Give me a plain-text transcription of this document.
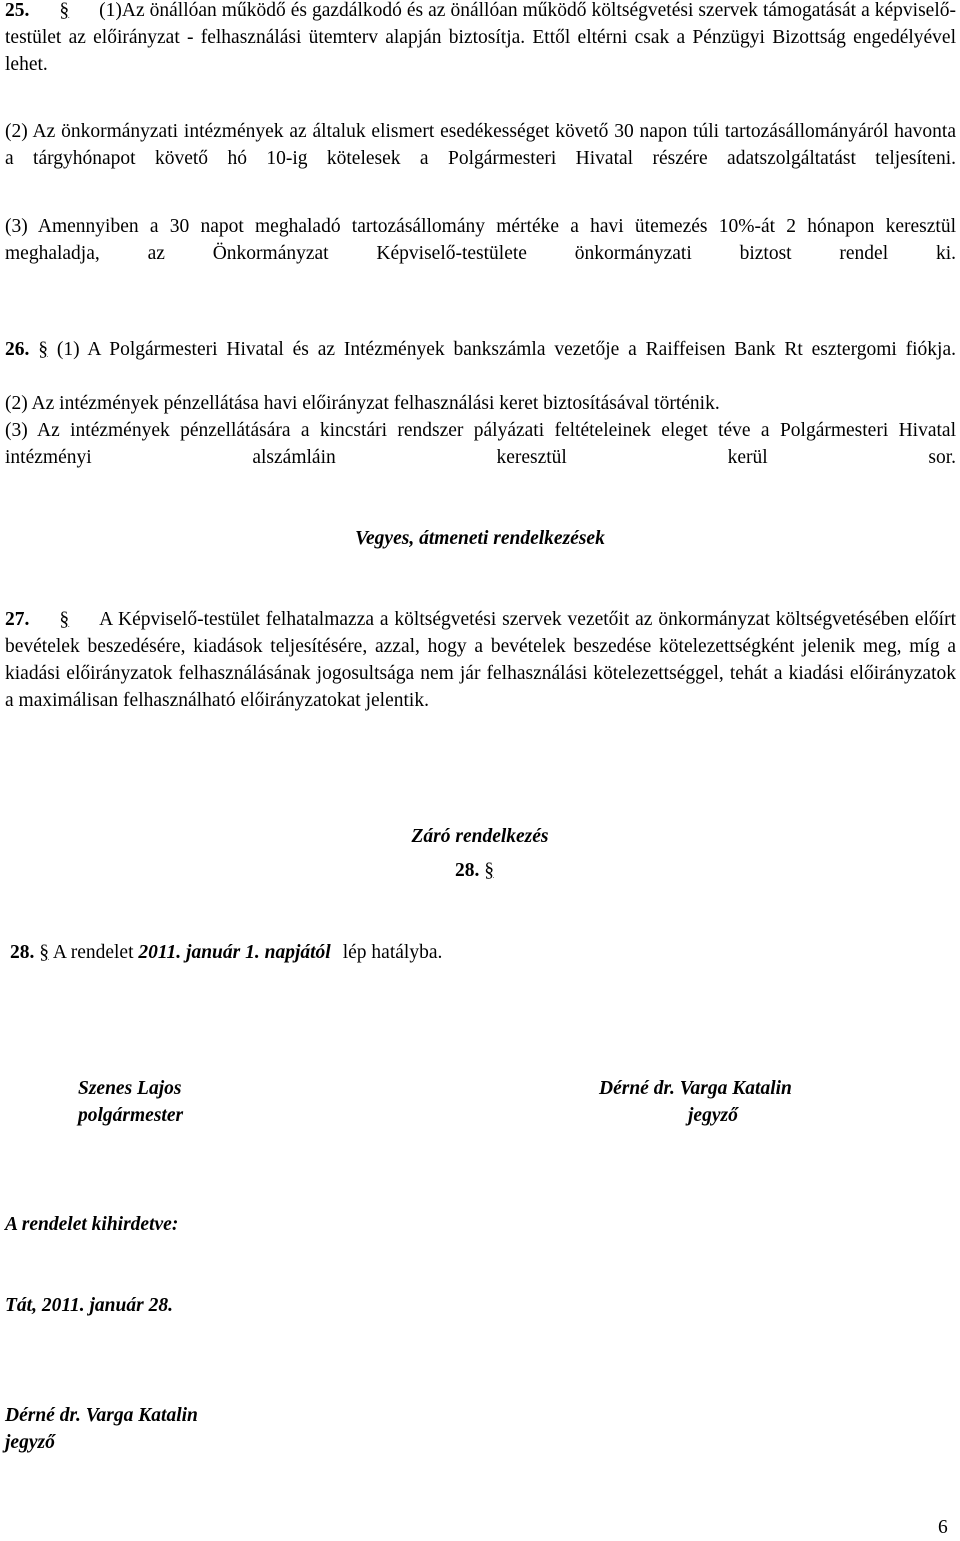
25. § (1)Az önállóan működő és gazdálkodó és az önállóan működő költségvetési szervek támogatását a képviselő-testület az előirányzat - felhasználási ütemterv alapján biztosítja. Ettől eltérni csak a Pénzügyi Bizottság engedélyével lehet.

(2) Az önkormányzati intézmények az általuk elismert esedékességet követő 30 napon túli tartozásállományáról havonta a tárgyhónapot követő hó 10-ig kötelesek a Polgármesteri Hivatal részére adatszolgáltatást teljesíteni.

(3) Amennyiben a 30 napot meghaladó tartozásállomány mértéke a havi ütemezés 10%-át 2 hónapon keresztül meghaladja, az Önkormányzat Képviselő-testülete önkormányzati biztost rendel ki.

26. § (1) A Polgármesteri Hivatal és az Intézmények bankszámla vezetője a Raiffeisen Bank Rt esztergomi fiókja.

(2) Az intézmények pénzellátása havi előirányzat felhasználási keret biztosításával történik.

(3) Az intézmények pénzellátására a kincstári rendszer pályázati feltételeinek eleget téve a Polgármesteri Hivatal intézményi alszámláin keresztül kerül sor.

Vegyes, átmeneti rendelkezések

27. § A Képviselő-testület felhatalmazza a költségvetési szervek vezetőit az önkormányzat költségvetésében előírt bevételek beszedésére, kiadások teljesítésére, azzal, hogy a bevételek beszedése kötelezettségként jelenik meg, míg a kiadási előirányzatok felhasználásának jogosultsága nem jár felhasználási kötelezettséggel, tehát a kiadási előirányzatok a maximálisan felhasználható előirányzatokat jelentik.

Záró rendelkezés
28. §

28. § A rendelet 2011. január 1. napjától lép hatályba.

Szenes Lajos
polgármester
Dérné dr. Varga Katalin
jegyző
A rendelet kihirdetve:
Tát, 2011. január 28.
Dérné dr. Varga Katalin
jegyző
6
